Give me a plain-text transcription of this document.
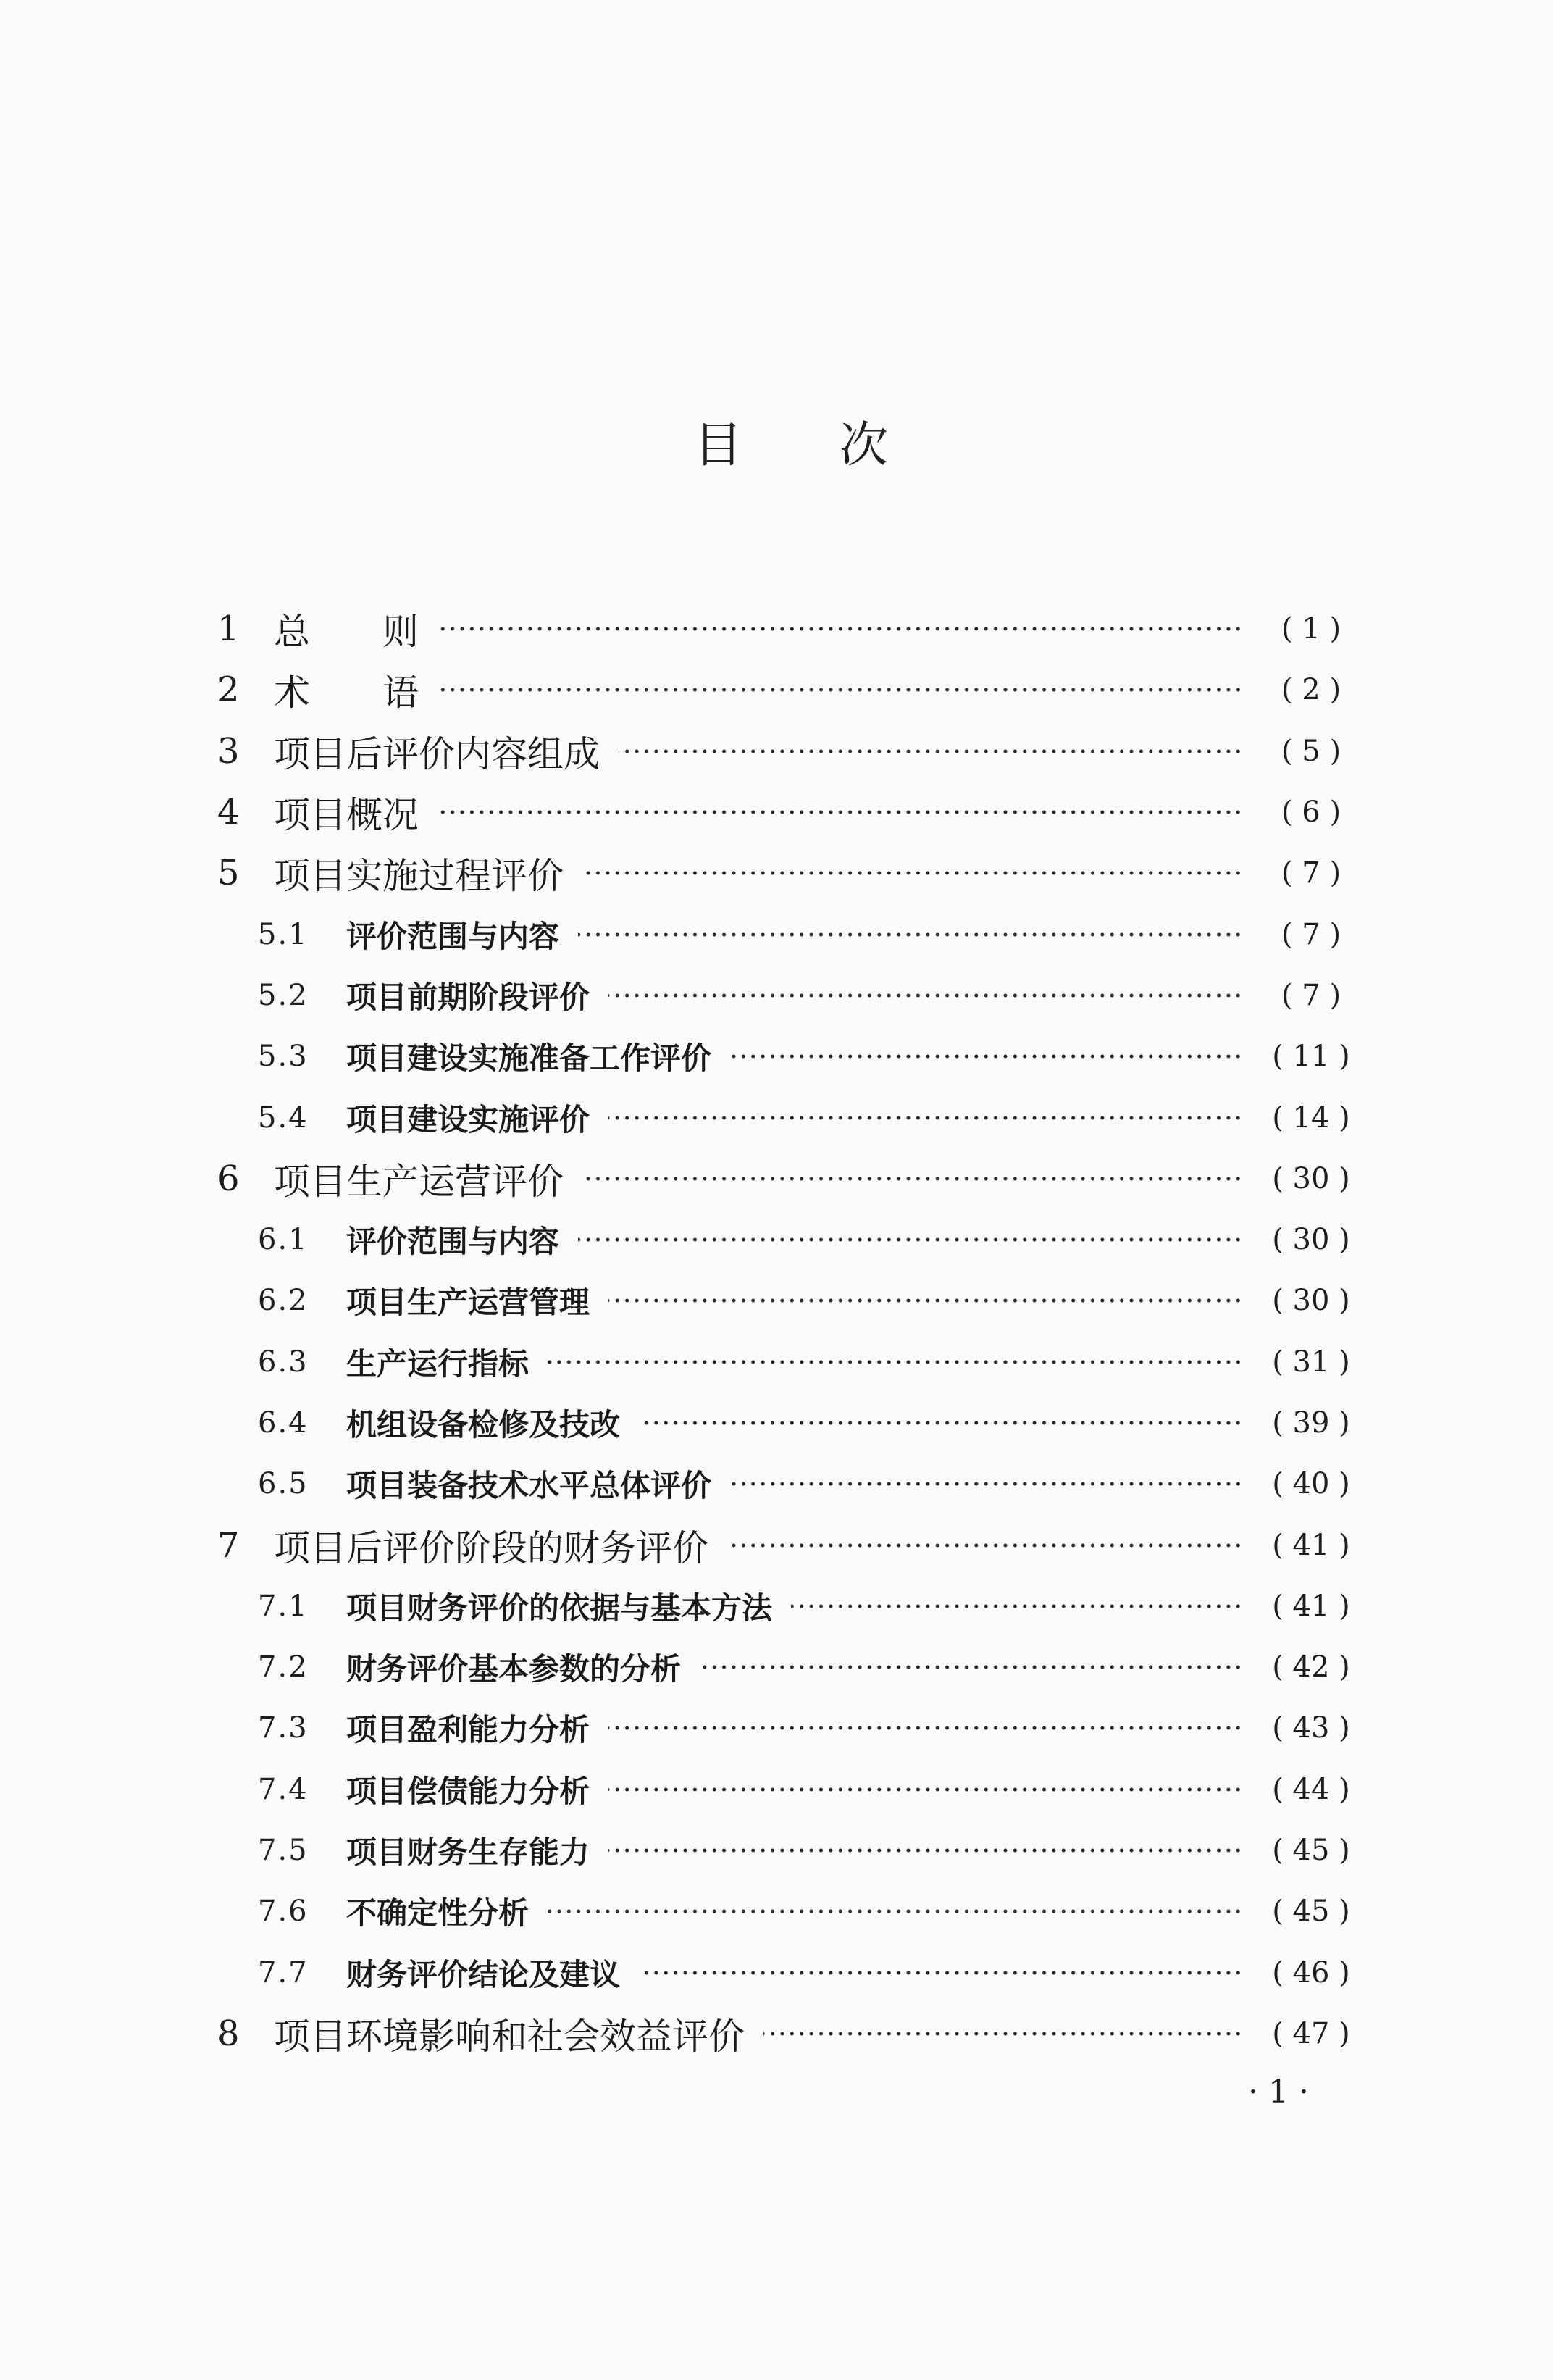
目　　次
1 总　　则	( 1 )
2 术　　语	( 2 )
3 项目后评价内容组成	( 5 )
4 项目概况	( 6 )
5 项目实施过程评价	( 7 )
5.1	评价范围与内容	( 7 )
5.2	项目前期阶段评价	( 7 )
5.3	项目建设实施准备工作评价	( 11 )
5.4	项目建设实施评价	( 14 )
6 项目生产运营评价	( 30 )
6.1	评价范围与内容	( 30 )
6.2	项目生产运营管理	( 30 )
6.3	生产运行指标	( 31 )
6.4	机组设备检修及技改	( 39 )
6.5	项目装备技术水平总体评价	( 40 )
7 项目后评价阶段的财务评价	( 41 )
7.1	项目财务评价的依据与基本方法	( 41 )
7.2	财务评价基本参数的分析	( 42 )
7.3	项目盈利能力分析	( 43 )
7.4	项目偿债能力分析	( 44 )
7.5	项目财务生存能力	( 45 )
7.6	不确定性分析	( 45 )
7.7	财务评价结论及建议	( 46 )
8 项目环境影响和社会效益评价	( 47 )
· 1 ·
